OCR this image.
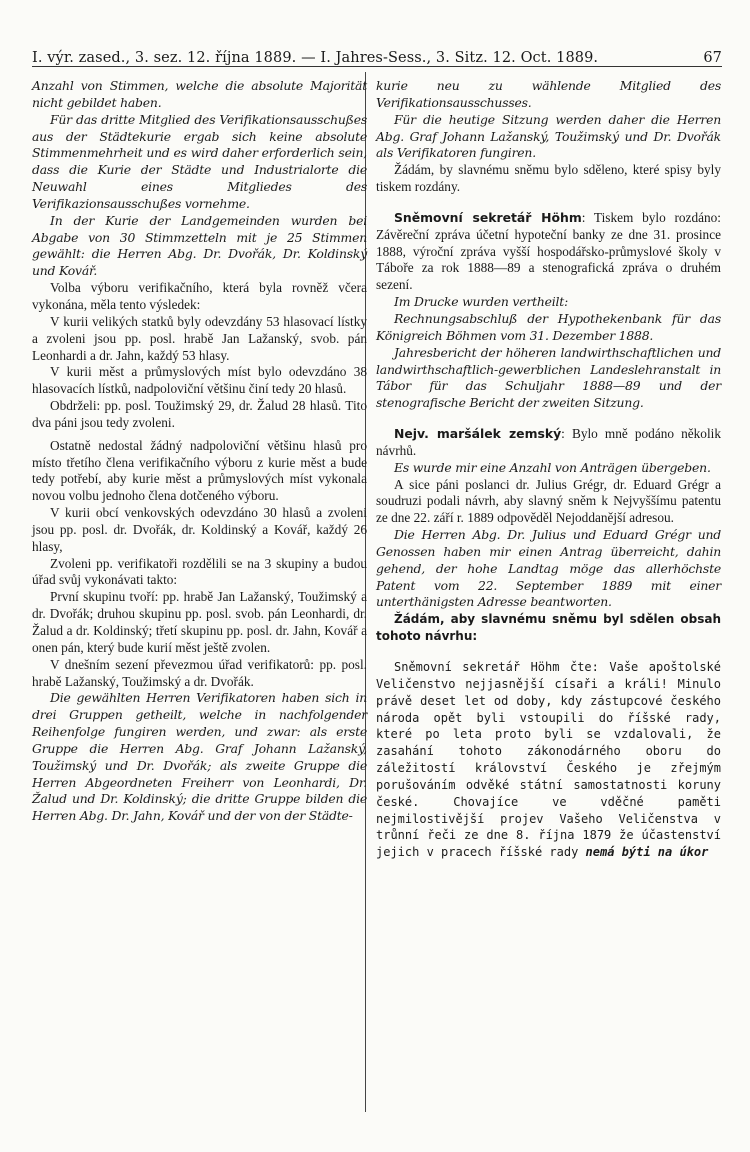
I. výr. zased., 3. sez. 12. října 1889. — I. Jahres-Sess., 3. Sitz. 12. Oct. 1889.	67

Anzahl von Stimmen, welche die absolute Majorität nicht gebildet haben.

Für das dritte Mitglied des Verifikationsausschußes aus der Städtekurie ergab sich keine absolute Stimmenmehrheit und es wird daher erforderlich sein, dass die Kurie der Städte und Industrialorte die Neuwahl eines Mitgliedes des Verifikazionsausschußes vornehme.

In der Kurie der Landgemeinden wurden bei Abgabe von 30 Stimmzetteln mit je 25 Stimmen gewählt: die Herren Abg. Dr. Dvořák, Dr. Koldinský und Kovář.

Volba výboru verifikačního, která byla rovněž včera vykonána, měla tento výsledek:

V kurii velikých statků byly odevzdány 53 hlasovací lístky a zvoleni jsou pp. posl. hrabě Jan Lažanský, svob. pán Leonhardi a dr. Jahn, každý 53 hlasy.

V kurii měst a průmyslových míst bylo odevzdáno 38 hlasovacích lístků, nadpoloviční většinu činí tedy 20 hlasů.

Obdrželi: pp. posl. Toužimský 29, dr. Žalud 28 hlasů. Tito dva páni jsou tedy zvoleni.

Ostatně nedostal žádný nadpoloviční většinu hlasů pro místo třetího člena verifikačního výboru z kurie měst a bude tedy potřebí, aby kurie měst a průmyslových míst vykonala novou volbu jednoho člena dotčeného výboru.

V kurii obcí venkovských odevzdáno 30 hlasů a zvoleni jsou pp. posl. dr. Dvořák, dr. Koldinský a Kovář, každý 26 hlasy,

Zvoleni pp. verifikatoři rozdělili se na 3 skupiny a budou úřad svůj vykonávati takto:

První skupinu tvoří: pp. hrabě Jan Lažanský, Toužimský a dr. Dvořák; druhou skupinu pp. posl. svob. pán Leonhardi, dr. Žalud a dr. Koldinský; třetí skupinu pp. posl. dr. Jahn, Kovář a onen pán, který bude kurií měst ještě zvolen.

V dnešním sezení převezmou úřad verifikatorů: pp. posl. hrabě Lažanský, Toužimský a dr. Dvořák.

Die gewählten Herren Verifikatoren haben sich in drei Gruppen getheilt, welche in nachfolgender Reihenfolge fungiren werden, und zwar: als erste Gruppe die Herren Abg. Graf Johann Lažanský, Toužimský und Dr. Dvořák; als zweite Gruppe die Herren Abgeordneten Freiherr von Leonhardi, Dr. Žalud und Dr. Koldinský; die dritte Gruppe bilden die Herren Abg. Dr. Jahn, Kovář und der von der Städte-

kurie neu zu wählende Mitglied des Verifikationsausschusses.

Für die heutige Sitzung werden daher die Herren Abg. Graf Johann Lažanský, Toužimský und Dr. Dvořák als Verifikatoren fungiren.

Žádám, by slavnému sněmu bylo sděleno, které spisy byly tiskem rozdány.

Sněmovní sekretář Höhm: Tiskem bylo rozdáno: Závěreční zpráva účetní hypoteční banky ze dne 31. prosince 1888, výroční zpráva vyšší hospodářsko-průmyslové školy v Táboře za rok 1888—89 a stenografická zpráva o druhém sezení.

Im Drucke wurden vertheilt:

Rechnungsabschluß der Hypothekenbank für das Königreich Böhmen vom 31. Dezember 1888.

Jahresbericht der höheren landwirthschaftlichen und landwirthschaftlich-gewerblichen Landeslehranstalt in Tábor für das Schuljahr 1888—89 und der stenografische Bericht der zweiten Sitzung.

Nejv. maršálek zemský: Bylo mně podáno několik návrhů.

Es wurde mir eine Anzahl von Anträgen übergeben.

A sice páni poslanci dr. Julius Grégr, dr. Eduard Grégr a soudruzi podali návrh, aby slavný sněm k Nejvyššímu patentu ze dne 22. září r. 1889 odpověděl Nejoddanější adresou.

Die Herren Abg. Dr. Julius und Eduard Grégr und Genossen haben mir einen Antrag überreicht, dahin gehend, der hohe Landtag möge das allerhöchste Patent vom 22. September 1889 mit einer unterthänigsten Adresse beantworten.

Žádám, aby slavnému sněmu byl sdělen obsah tohoto návrhu:

Sněmovní sekretář Höhm čte: Vaše apoštolské Veličenstvo nejjasnější císaři a králi! Minulo právě deset let od doby, kdy zástupcové českého národa opět byli vstoupili do říšské rady, které po leta proto byli se vzdalovali, že zasahání tohoto zákonodárného oboru do záležitostí království Českého je zřejmým porušováním odvěké státní samostatnosti koruny české. Chovajíce ve vděčné paměti nejmilostivější projev Vašeho Veličenstva v trůnní řeči ze dne 8. října 1879 že účastenství jejich v pracech říšské rady nemá býti na úkor
